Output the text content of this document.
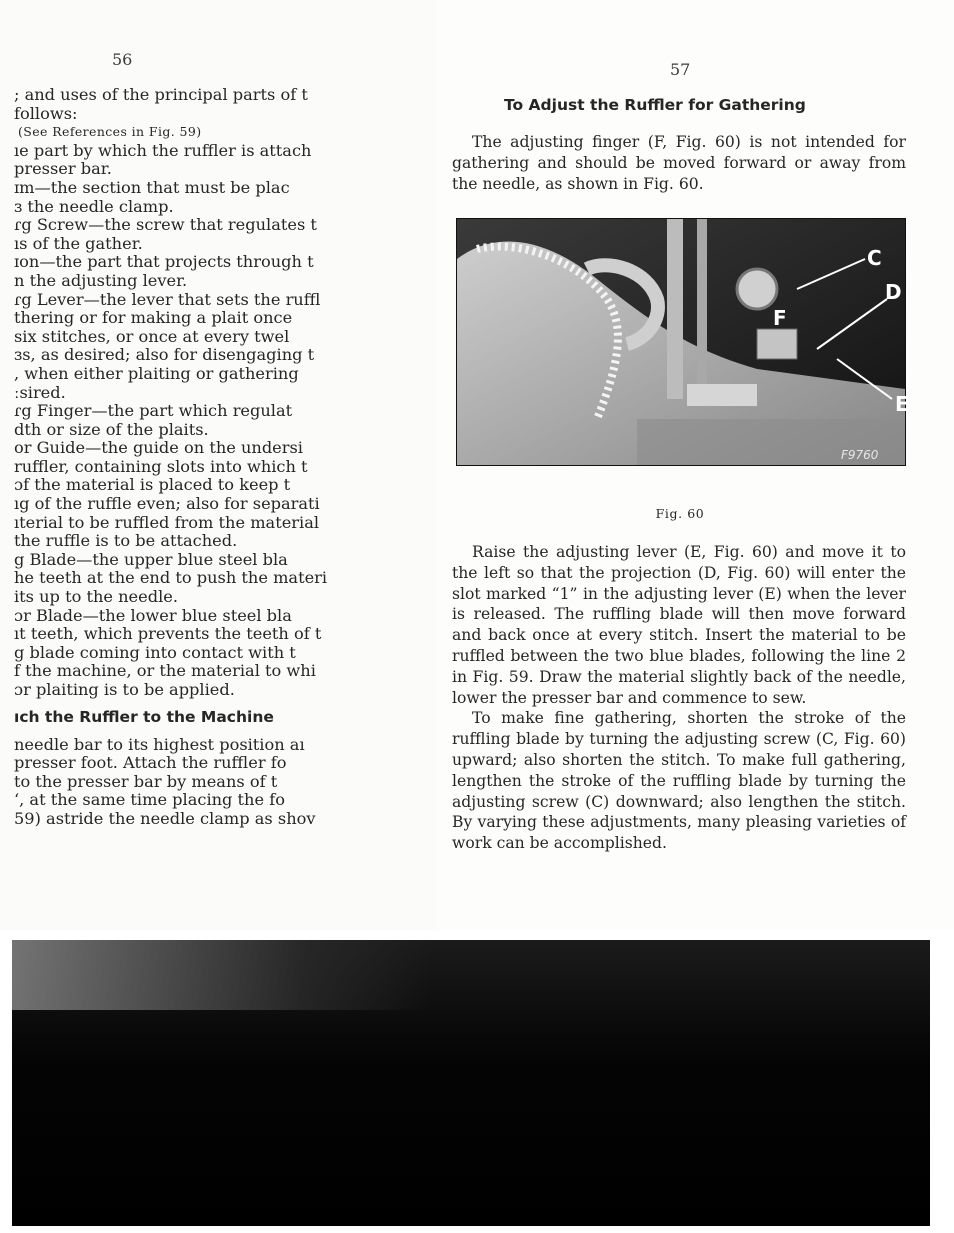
56
; and uses of the principal parts of t
follows:
(See References in Fig. 59)
ıe part by which the ruffler is attach
presser bar.
ɪm—the section that must be plac
ɜ the needle clamp.
ɾg Screw—the screw that regulates t
ıs of the gather.
ɪon—the part that projects through t
n the adjusting lever.
ɾg Lever—the lever that sets the ruffl
thering or for making a plait once
six stitches, or once at every twel
ɜs, as desired; also for disengaging t
, when either plaiting or gathering
ːsired.
ɾg Finger—the part which regulat
dth or size of the plaits.
or Guide—the guide on the undersi
ruffler, containing slots into which t
ɔf the material is placed to keep t
ıg of the ruffle even; also for separati
ıterial to be ruffled from the material
the ruffle is to be attached.
g Blade—the upper blue steel bla
he teeth at the end to push the materi
its up to the needle.
ɔr Blade—the lower blue steel bla
ıt teeth, which prevents the teeth of t
g blade coming into contact with t
f the machine, or the material to whi
ɔr plaiting is to be applied.
ıch the Ruffler to the Machine
needle bar to its highest position aı
presser foot. Attach the ruffler fo
to the presser bar by means of t
ʻ, at the same time placing the fo
59) astride the needle clamp as shov
57
To Adjust the Ruffler for Gathering

The adjusting finger (F, Fig. 60) is not intended for gathering and should be moved forward or away from the needle, as shown in Fig. 60.

C
D
E
F
F9760
Fig. 60

Raise the adjusting lever (E, Fig. 60) and move it to the left so that the projection (D, Fig. 60) will enter the slot marked “1” in the adjusting lever (E) when the lever is released. The ruffling blade will then move forward and back once at every stitch. Insert the material to be ruffled between the two blue blades, following the line 2 in Fig. 59. Draw the material slightly back of the needle, lower the presser bar and commence to sew.

To make fine gathering, shorten the stroke of the ruffling blade by turning the adjusting screw (C, Fig. 60) upward; also shorten the stitch. To make full gathering, lengthen the stroke of the ruffling blade by turning the adjusting screw (C) downward; also lengthen the stitch. By varying these adjustments, many pleasing varieties of work can be accomplished.
